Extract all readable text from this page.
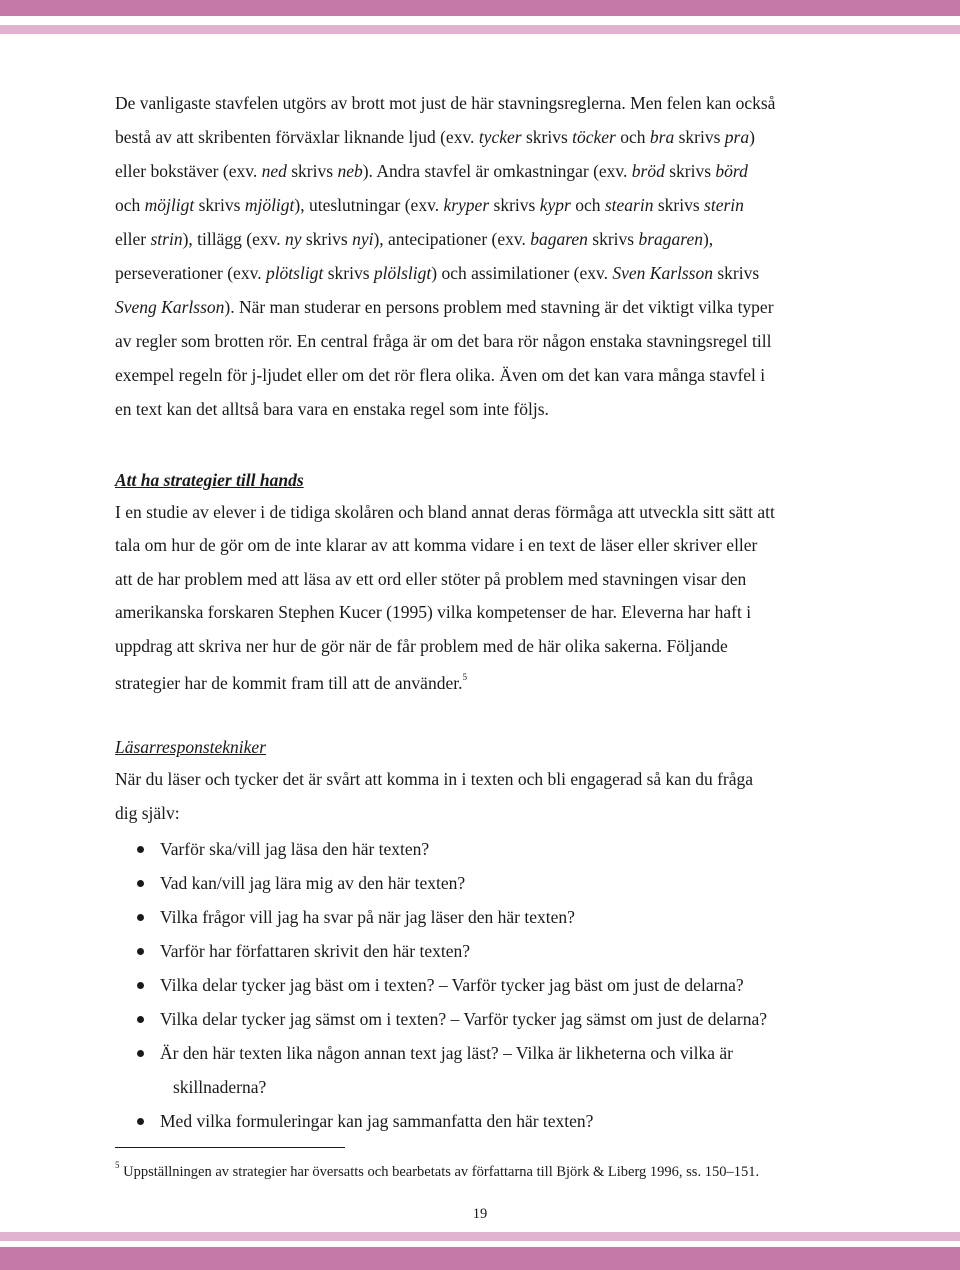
De vanligaste stavfelen utgörs av brott mot just de här stavningsreglerna. Men felen kan också
bestå av att skribenten förväxlar liknande ljud (exv. tycker skrivs töcker och bra skrivs pra)
eller bokstäver (exv. ned skrivs neb). Andra stavfel är omkastningar (exv. bröd skrivs börd
och möjligt skrivs mjöligt), uteslutningar (exv. kryper skrivs kypr och stearin skrivs sterin
eller strin), tillägg (exv. ny skrivs nyi), antecipationer (exv. bagaren skrivs bragaren),
perseverationer (exv. plötsligt skrivs plölsligt) och assimilationer (exv. Sven Karlsson skrivs
Sveng Karlsson). När man studerar en persons problem med stavning är det viktigt vilka typer
av regler som brotten rör. En central fråga är om det bara rör någon enstaka stavningsregel till
exempel regeln för j-ljudet eller om det rör flera olika. Även om det kan vara många stavfel i
en text kan det alltså bara vara en enstaka regel som inte följs.
Att ha strategier till hands
I en studie av elever i de tidiga skolåren och bland annat deras förmåga att utveckla sitt sätt att
tala om hur de gör om de inte klarar av att komma vidare i en text de läser eller skriver eller
att de har problem med att läsa av ett ord eller stöter på problem med stavningen visar den
amerikanska forskaren Stephen Kucer (1995) vilka kompetenser de har. Eleverna har haft i
uppdrag att skriva ner hur de gör när de får problem med de här olika sakerna. Följande
strategier har de kommit fram till att de använder.$^5$
Läsarresponstekniker
När du läser och tycker det är svårt att komma in i texten och bli engagerad så kan du fråga
dig själv:
Varför ska/vill jag läsa den här texten?
Vad kan/vill jag lära mig av den här texten?
Vilka frågor vill jag ha svar på när jag läser den här texten?
Varför har författaren skrivit den här texten?
Vilka delar tycker jag bäst om i texten? – Varför tycker jag bäst om just de delarna?
Vilka delar tycker jag sämst om i texten? – Varför tycker jag sämst om just de delarna?
Är den här texten lika någon annan text jag läst? – Vilka är likheterna och vilka är
skillnaderna?
Med vilka formuleringar kan jag sammanfatta den här texten?
$^5$ Uppställningen av strategier har översatts och bearbetats av författarna till Björk & Liberg 1996, ss. 150–151.
19
